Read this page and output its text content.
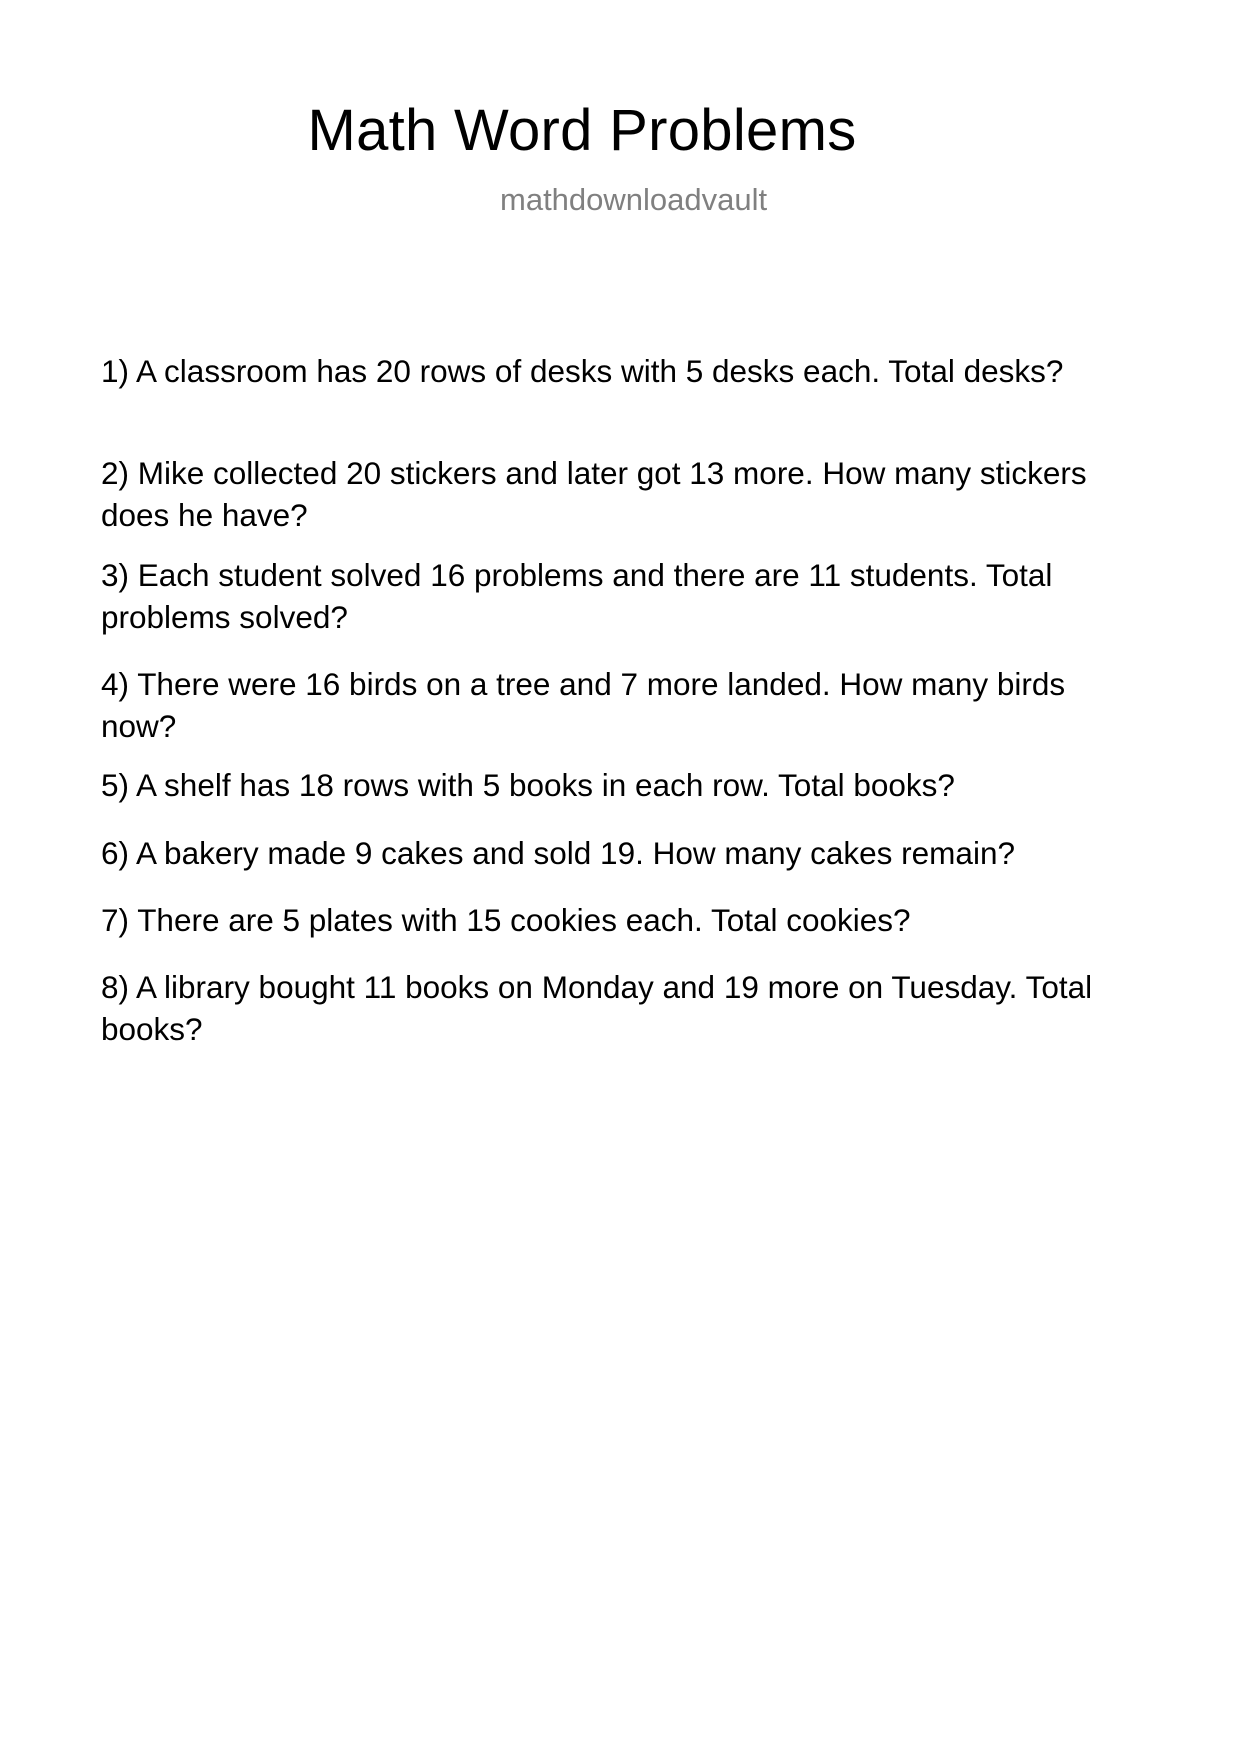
Math Word Problems
mathdownloadvault

1) A classroom has 20 rows of desks with 5 desks each. Total desks?

2) Mike collected 20 stickers and later got 13 more. How many stickers does he have?

3) Each student solved 16 problems and there are 11 students. Total problems solved?

4) There were 16 birds on a tree and 7 more landed. How many birds now?

5) A shelf has 18 rows with 5 books in each row. Total books?

6) A bakery made 9 cakes and sold 19. How many cakes remain?

7) There are 5 plates with 15 cookies each. Total cookies?

8) A library bought 11 books on Monday and 19 more on Tuesday. Total books?
